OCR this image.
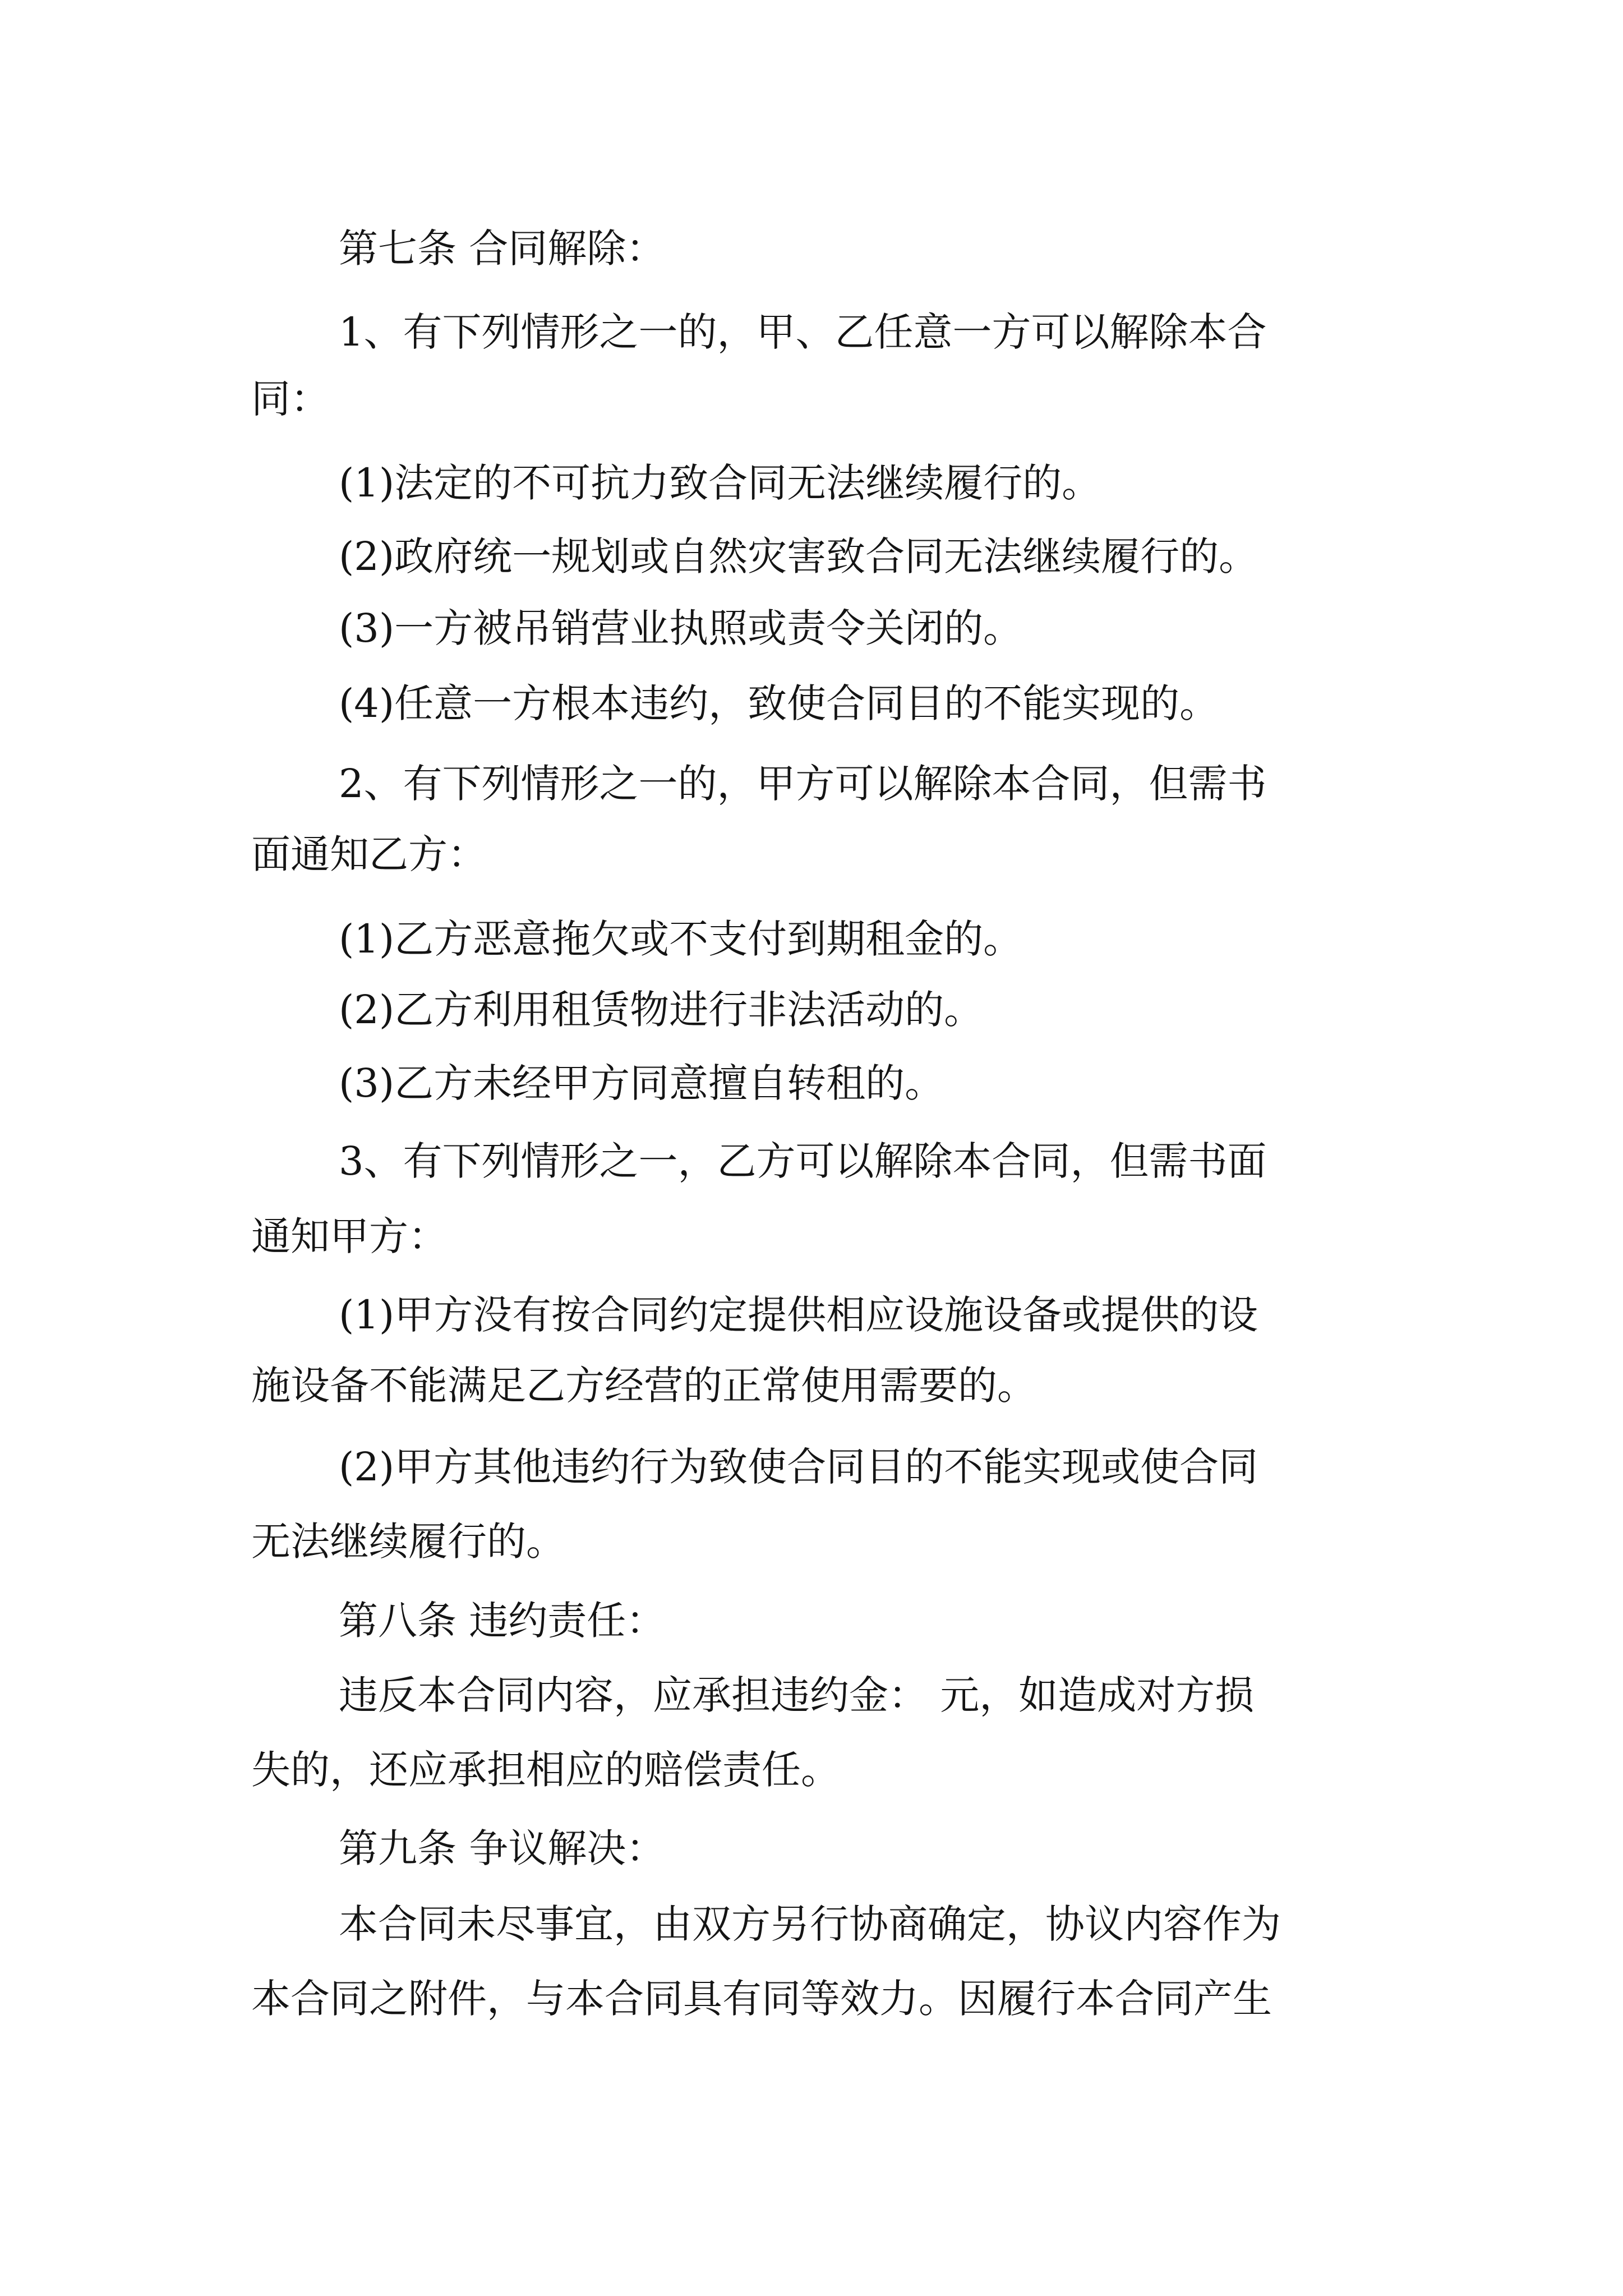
第七条 合同解除：
1、有下列情形之一的，甲、乙任意一方可以解除本合
同：
(1)法定的不可抗力致合同无法继续履行的。
(2)政府统一规划或自然灾害致合同无法继续履行的。
(3)一方被吊销营业执照或责令关闭的。
(4)任意一方根本违约，致使合同目的不能实现的。
2、有下列情形之一的，甲方可以解除本合同，但需书
面通知乙方：
(1)乙方恶意拖欠或不支付到期租金的。
(2)乙方利用租赁物进行非法活动的。
(3)乙方未经甲方同意擅自转租的。
3、有下列情形之一，乙方可以解除本合同，但需书面
通知甲方：
(1)甲方没有按合同约定提供相应设施设备或提供的设
施设备不能满足乙方经营的正常使用需要的。
(2)甲方其他违约行为致使合同目的不能实现或使合同
无法继续履行的。
第八条 违约责任：
违反本合同内容，应承担违约金： 元，如造成对方损
失的，还应承担相应的赔偿责任。
第九条 争议解决：
本合同未尽事宜，由双方另行协商确定，协议内容作为
本合同之附件，与本合同具有同等效力。因履行本合同产生
